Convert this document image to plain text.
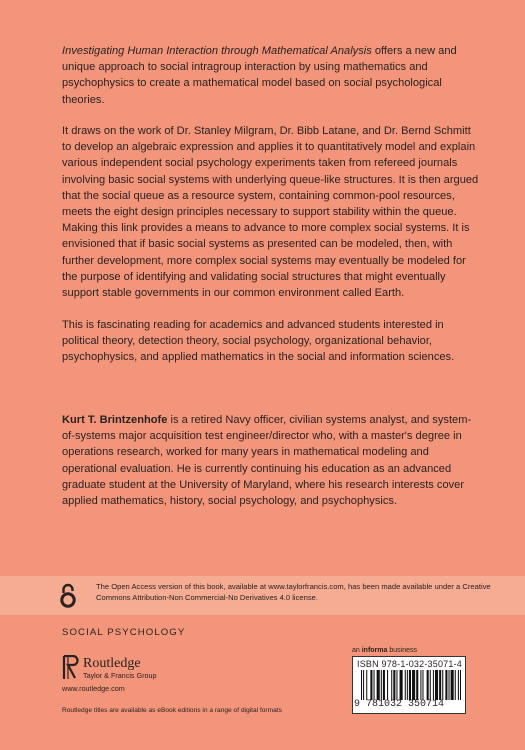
Investigating Human Interaction through Mathematical Analysis offers a new and unique approach to social intragroup interaction by using mathematics and psychophysics to create a mathematical model based on social psychological theories.

It draws on the work of Dr. Stanley Milgram, Dr. Bibb Latane, and Dr. Bernd Schmitt to develop an algebraic expression and applies it to quantitatively model and explain various independent social psychology experiments taken from refereed journals involving basic social systems with underlying queue-like structures. It is then argued that the social queue as a resource system, containing common-pool resources, meets the eight design principles necessary to support stability within the queue. Making this link provides a means to advance to more complex social systems. It is envisioned that if basic social systems as presented can be modeled, then, with further development, more complex social systems may eventually be modeled for the purpose of identifying and validating social structures that might eventually support stable governments in our common environment called Earth.

This is fascinating reading for academics and advanced students interested in political theory, detection theory, social psychology, organizational behavior, psychophysics, and applied mathematics in the social and information sciences.

Kurt T. Brintzenhofe is a retired Navy officer, civilian systems analyst, and system-of-systems major acquisition test engineer/director who, with a master's degree in operations research, worked for many years in mathematical modeling and operational evaluation. He is currently continuing his education as an advanced graduate student at the University of Maryland, where his research interests cover applied mathematics, history, social psychology, and psychophysics.

The Open Access version of this book, available at www.taylorfrancis.com, has been made available under a Creative Commons Attribution-Non Commercial-No Derivatives 4.0 license.
SOCIAL PSYCHOLOGY
Routledge
Taylor & Francis Group
www.routledge.com
Routledge titles are available as eBook editions in a range of digital formats
an informa business
ISBN 978-1-032-35071-4
9 781032 350714
